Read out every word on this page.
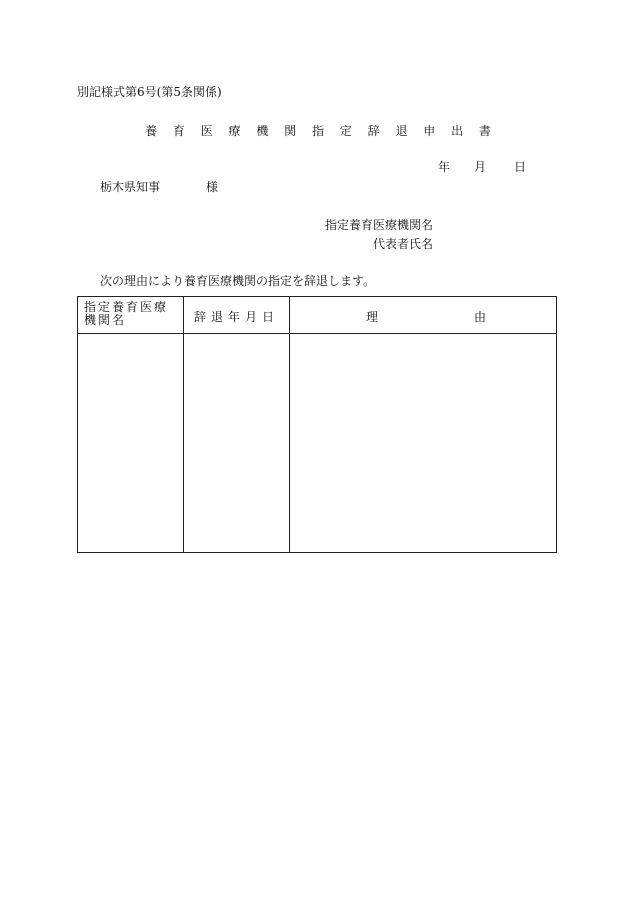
別記様式第6号(第5条関係)
養 育 医 療 機 関 指 定 辞 退 申 出 書
年	月	日
栃木県知事	様
指定養育医療機関名
代表者氏名
次の理由により養育医療機関の指定を辞退します。
指定養育医療機関名	辞退年月日	理 由
